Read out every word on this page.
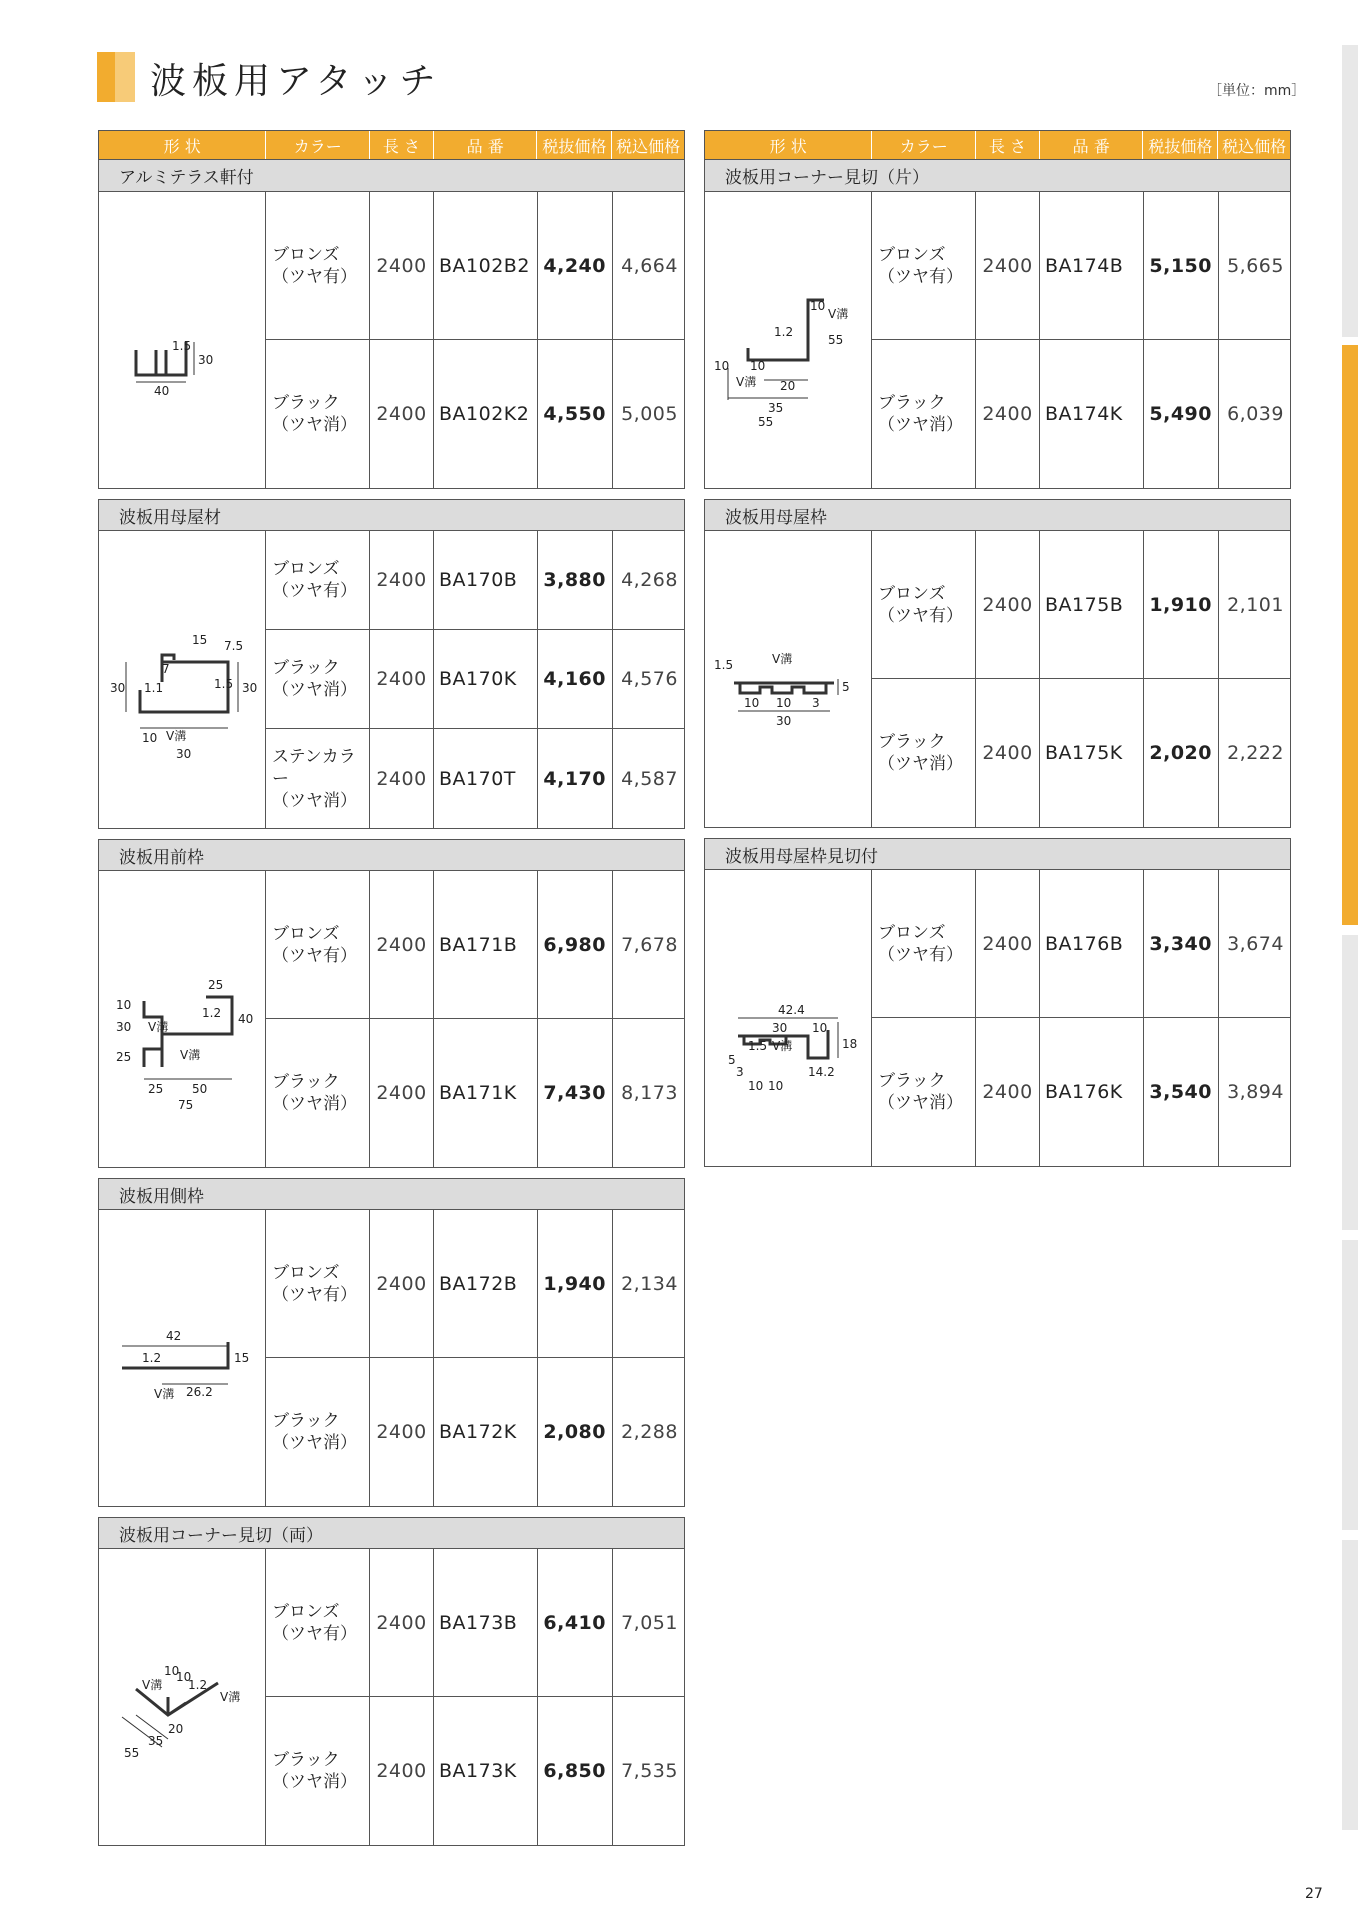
波板用アタッチ	［単位：mm］
27
形 状	カラー	長 さ	品 番	税抜価格 税込価格
アルミテラス軒付
1.5
30
40
ブロンズ
（ツヤ有）	2400 BA102B2 4,240 4,664
ブラック
（ツヤ消）	2400 BA102K2 4,550 5,005
波板用母屋材
15 7.5
7
1.5
30 1.1	30
10 V溝
30
ブロンズ
（ツヤ有）	2400 BA170B	3,880 4,268
ブラック
（ツヤ消）	2400 BA170K	4,160 4,576
ステンカラー
（ツヤ消）
2400 BA170T	4,170 4,587
波板用前枠
25
10
1.2
30 V溝
40
25	V溝
25 50
75
ブロンズ
（ツヤ有）	2400 BA171B	6,980 7,678
ブラック
（ツヤ消）	2400 BA171K	7,430 8,173
波板用側枠
42
1.2	15
V溝 26.2
ブロンズ
（ツヤ有）	2400 BA172B	1,940 2,134
ブラック
（ツヤ消）	2400 BA172K	2,080 2,288
波板用コーナー見切（両）
V溝
10
10
1.2
V溝
55
35
20
ブロンズ
（ツヤ有）	2400 BA173B	6,410 7,051
ブラック
（ツヤ消）	2400 BA173K	6,850 7,535
形 状	カラー	長 さ	品 番	税抜価格 税込価格
波板用コーナー見切（片）
10
V溝
1.2
55
10 10
V溝 20
35
55
ブロンズ
（ツヤ有）	2400 BA174B	5,150 5,665
ブラック
（ツヤ消）	2400 BA174K	5,490 6,039
波板用母屋枠
1.5	V溝
5
10 10 3
30
ブロンズ
（ツヤ有）	2400 BA175B	1,910 2,101
ブラック
（ツヤ消）	2400 BA175K	2,020 2,222
波板用母屋枠見切付
42.4
30 10
1.5 V溝	18
5
3	14.2
10 10
ブロンズ
（ツヤ有）	2400 BA176B	3,340 3,674
ブラック
（ツヤ消）	2400 BA176K	3,540 3,894
